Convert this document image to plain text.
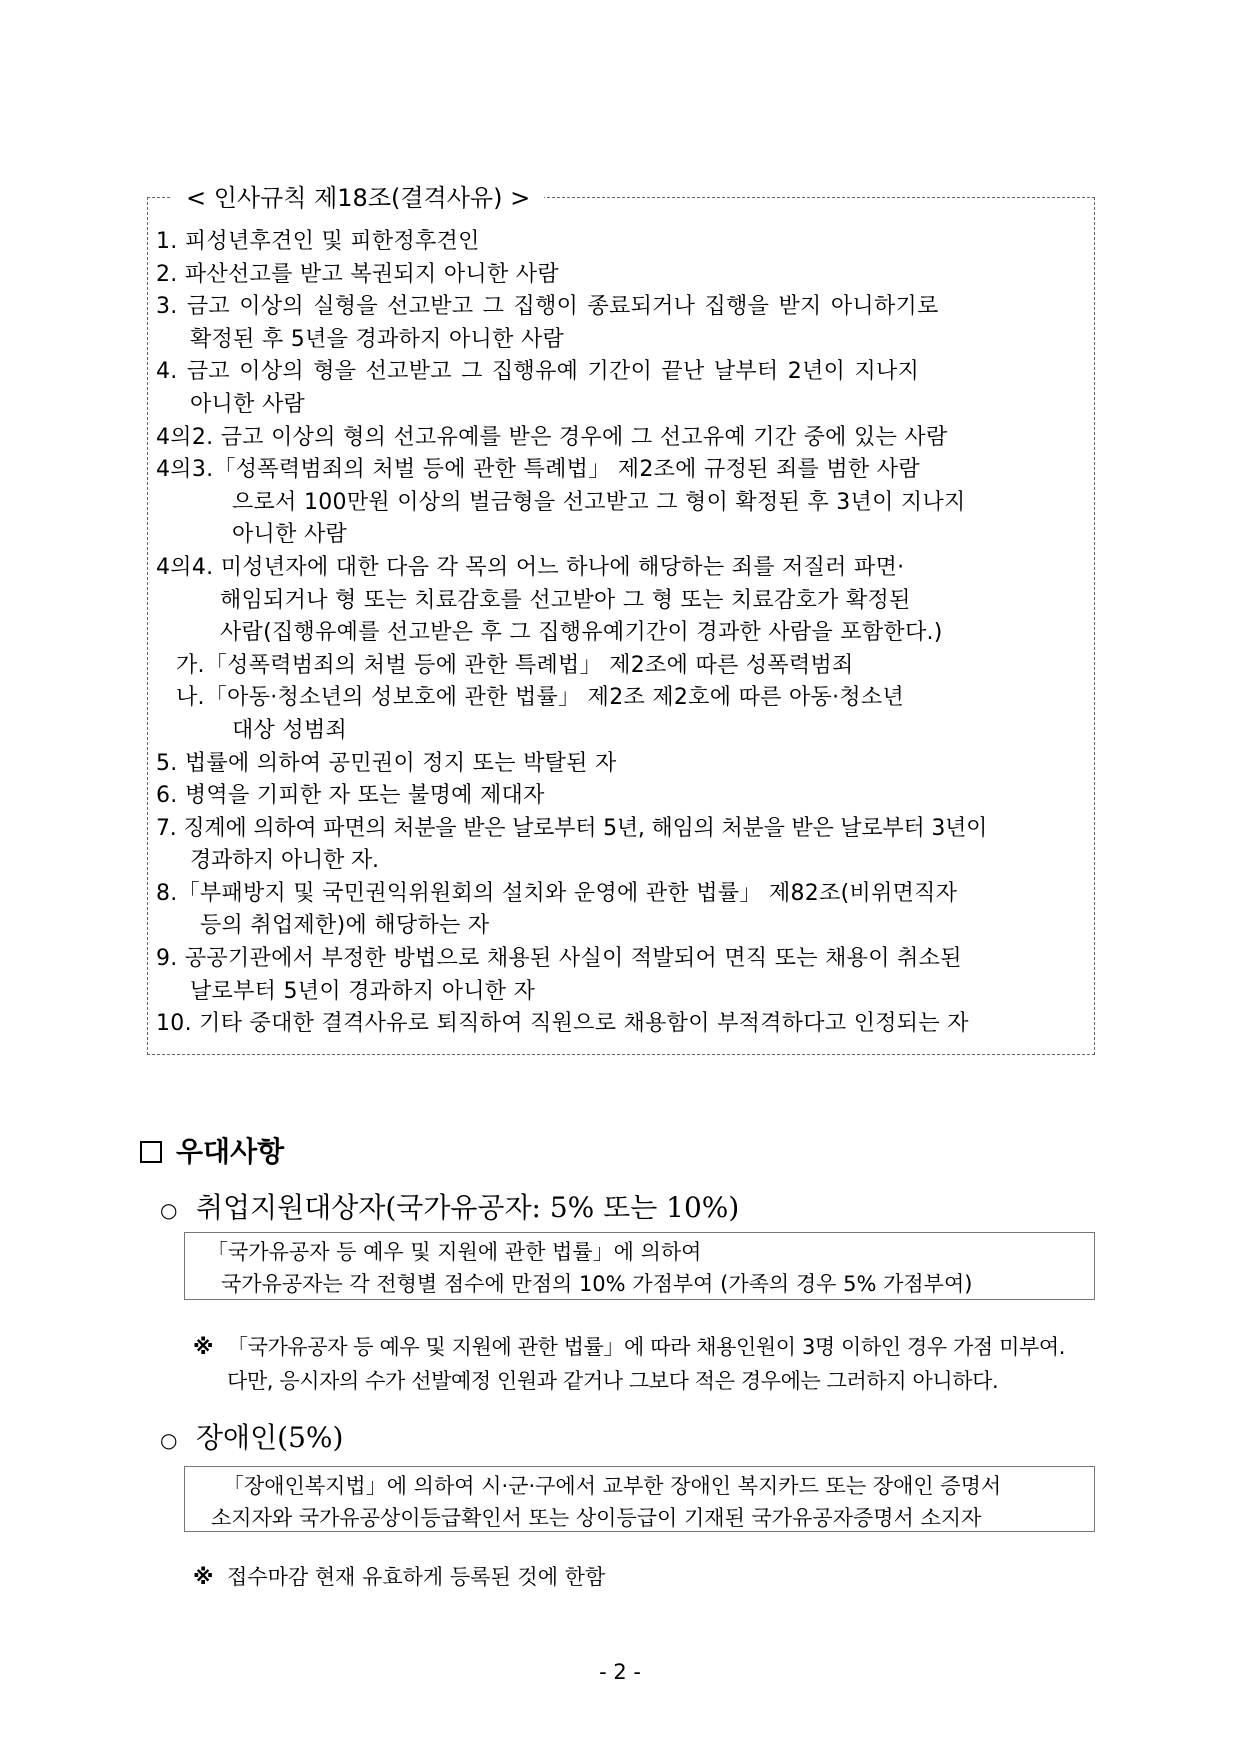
< 인사규칙 제18조(결격사유) >
1. 피성년후견인 및 피한정후견인
2. 파산선고를 받고 복권되지 아니한 사람
3. 금고 이상의 실형을 선고받고 그 집행이 종료되거나 집행을 받지 아니하기로
확정된 후 5년을 경과하지 아니한 사람
4. 금고 이상의 형을 선고받고 그 집행유예 기간이 끝난 날부터 2년이 지나지
아니한 사람
4의2. 금고 이상의 형의 선고유예를 받은 경우에 그 선고유예 기간 중에 있는 사람
4의3.「성폭력범죄의 처벌 등에 관한 특례법」 제2조에 규정된 죄를 범한 사람
으로서 100만원 이상의 벌금형을 선고받고 그 형이 확정된 후 3년이 지나지
아니한 사람
4의4. 미성년자에 대한 다음 각 목의 어느 하나에 해당하는 죄를 저질러 파면·
해임되거나 형 또는 치료감호를 선고받아 그 형 또는 치료감호가 확정된
사람(집행유예를 선고받은 후 그 집행유예기간이 경과한 사람을 포함한다.)
가.「성폭력범죄의 처벌 등에 관한 특례법」 제2조에 따른 성폭력범죄
나.「아동·청소년의 성보호에 관한 법률」 제2조 제2호에 따른 아동·청소년
대상 성범죄
5. 법률에 의하여 공민권이 정지 또는 박탈된 자
6. 병역을 기피한 자 또는 불명예 제대자
7. 징계에 의하여 파면의 처분을 받은 날로부터 5년, 해임의 처분을 받은 날로부터 3년이
경과하지 아니한 자.
8.「부패방지 및 국민권익위원회의 설치와 운영에 관한 법률」 제82조(비위면직자
등의 취업제한)에 해당하는 자
9. 공공기관에서 부정한 방법으로 채용된 사실이 적발되어 면직 또는 채용이 취소된
날로부터 5년이 경과하지 아니한 자
10. 기타 중대한 결격사유로 퇴직하여 직원으로 채용함이 부적격하다고 인정되는 자
우대사항
○ 취업지원대상자(국가유공자: 5% 또는 10%)
「국가유공자 등 예우 및 지원에 관한 법률」에 의하여
국가유공자는 각 전형별 점수에 만점의 10% 가점부여 (가족의 경우 5% 가점부여)
※ 「국가유공자 등 예우 및 지원에 관한 법률」에 따라 채용인원이 3명 이하인 경우 가점 미부여.
다만, 응시자의 수가 선발예정 인원과 같거나 그보다 적은 경우에는 그러하지 아니하다.
○ 장애인(5%)
「장애인복지법」에 의하여 시·군·구에서 교부한 장애인 복지카드 또는 장애인 증명서
소지자와 국가유공상이등급확인서 또는 상이등급이 기재된 국가유공자증명서 소지자
※ 접수마감 현재 유효하게 등록된 것에 한함
- 2 -
